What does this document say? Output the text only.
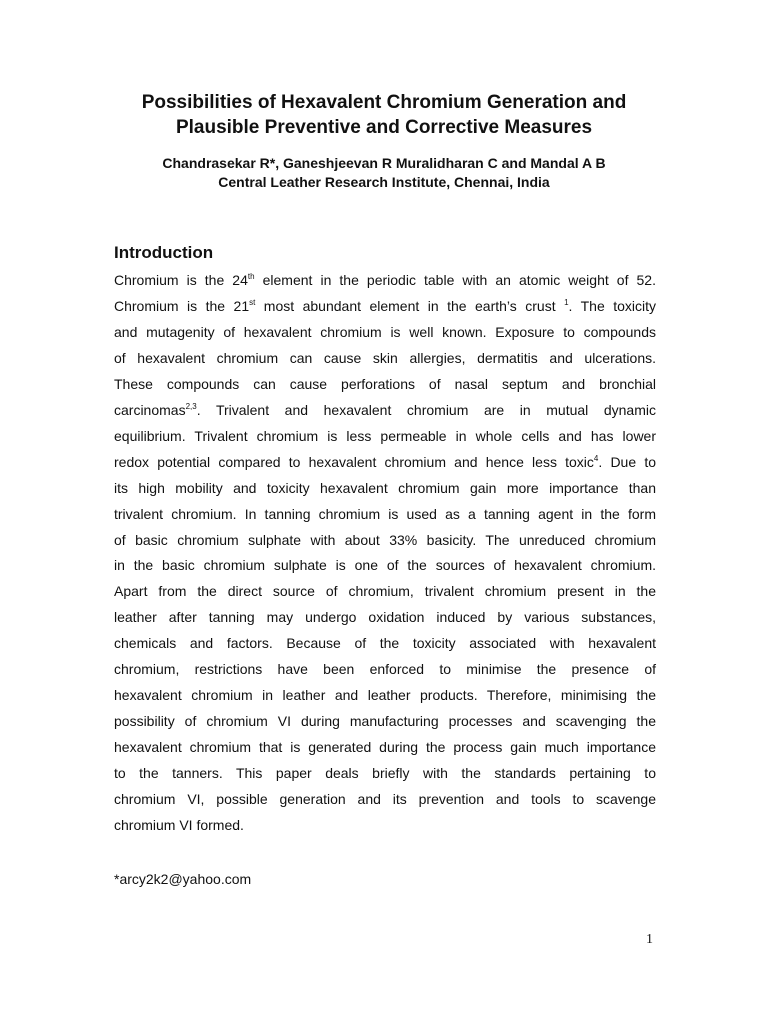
Possibilities of Hexavalent Chromium Generation and
Plausible Preventive and Corrective Measures
Chandrasekar R*, Ganeshjeevan R Muralidharan C and Mandal A B
Central Leather Research Institute, Chennai, India
Introduction
Chromium is the 24th element in the periodic table with an atomic weight of 52.
Chromium is the 21st most abundant element in the earth’s crust $^1$. The toxicity
and mutagenity of hexavalent chromium is well known. Exposure to compounds
of hexavalent chromium can cause skin allergies, dermatitis and ulcerations.
These compounds can cause perforations of nasal septum and bronchial
carcinomas$^{2,3}$. Trivalent and hexavalent chromium are in mutual dynamic
equilibrium. Trivalent chromium is less permeable in whole cells and has lower
redox potential compared to hexavalent chromium and hence less toxic$^4$. Due to
its high mobility and toxicity hexavalent chromium gain more importance than
trivalent chromium. In tanning chromium is used as a tanning agent in the form
of basic chromium sulphate with about 33% basicity. The unreduced chromium
in the basic chromium sulphate is one of the sources of hexavalent chromium.
Apart from the direct source of chromium, trivalent chromium present in the
leather after tanning may undergo oxidation induced by various substances,
chemicals and factors. Because of the toxicity associated with hexavalent
chromium, restrictions have been enforced to minimise the presence of
hexavalent chromium in leather and leather products. Therefore, minimising the
possibility of chromium VI during manufacturing processes and scavenging the
hexavalent chromium that is generated during the process gain much importance
to the tanners. This paper deals briefly with the standards pertaining to
chromium VI, possible generation and its prevention and tools to scavenge
chromium VI formed.
*arcy2k2@yahoo.com
1
